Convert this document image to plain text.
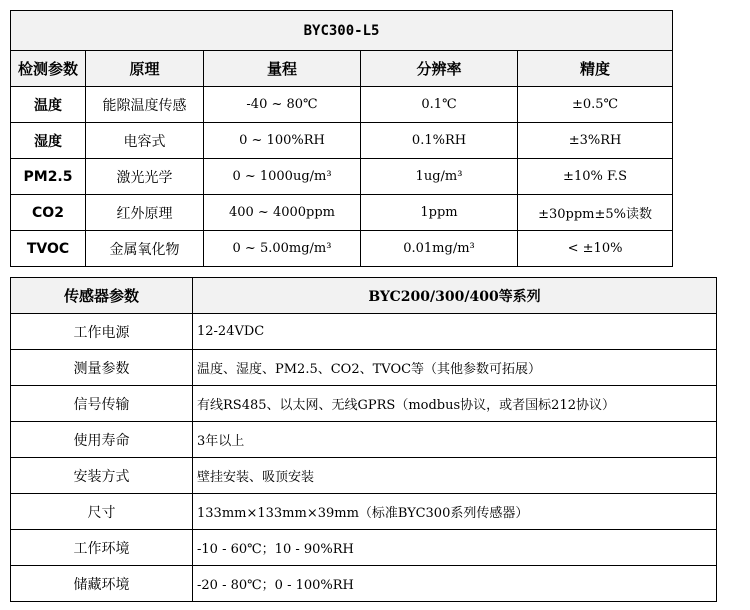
BYC300-L5				
检测参数	原理	量程	分辨率	精度
温度	能隙温度传感	-40 ~ 80℃	0.1℃	±0.5℃
湿度	电容式	0 ~ 100%RH	0.1%RH	±3%RH
PM2.5	激光光学	0 ~ 1000ug/m³	1ug/m³	±10% F.S
CO2	红外原理	400 ~ 4000ppm	1ppm	±30ppm±5%读数
TVOC	金属氧化物	0 ~ 5.00mg/m³	0.01mg/m³	< ±10%
传感器参数	BYC200/300/400等系列
工作电源	12-24VDC
测量参数	温度、湿度、PM2.5、CO2、TVOC等（其他参数可拓展）
信号传输	有线RS485、以太网、无线GPRS（modbus协议，或者国标212协议）
使用寿命	3年以上
安装方式	壁挂安装、吸顶安装
尺寸	133mm×133mm×39mm（标准BYC300系列传感器）
工作环境	-10 - 60℃；10 - 90%RH
储藏环境	-20 - 80℃；0 - 100%RH
